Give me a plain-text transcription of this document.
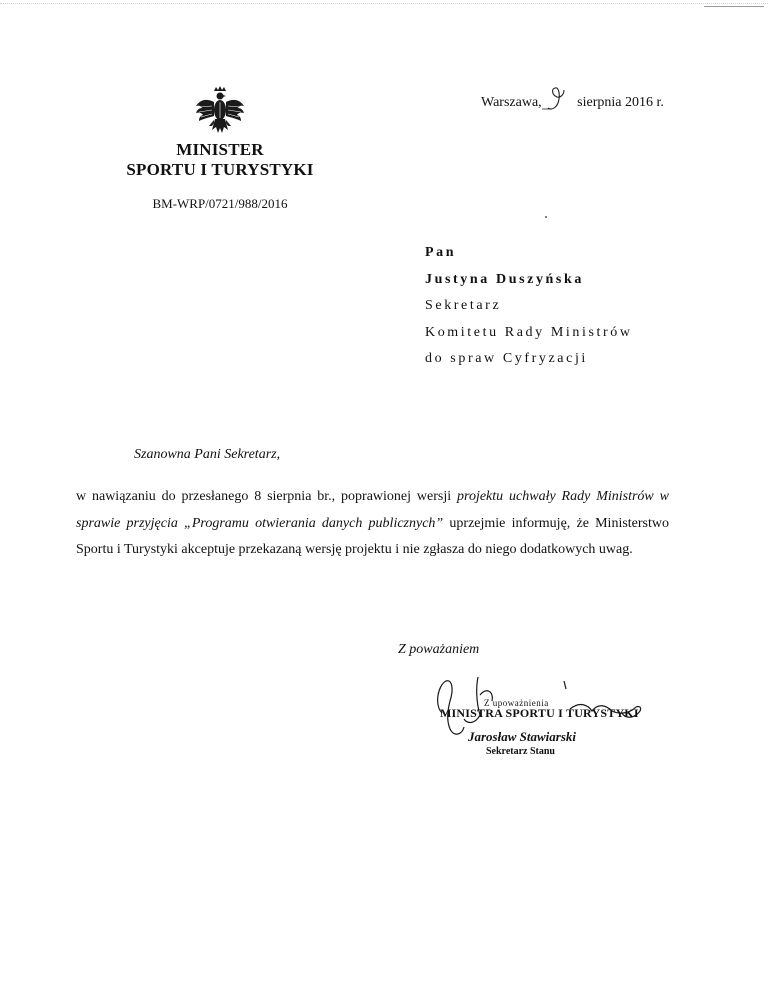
MINISTER
SPORTU I TURYSTYKI
BM-WRP/0721/988/2016
Warszawa,	sierpnia 2016 r.
Pan
Justyna Duszyńska
Sekretarz
Komitetu Rady Ministrów
do spraw Cyfryzacji
Szanowna Pani Sekretarz,
w nawiązaniu do przesłanego 8 sierpnia br., poprawionej wersji projektu uchwały Rady Ministrów w sprawie przyjęcia „Programu otwierania danych publicznych” uprzejmie informuję, że Ministerstwo Sportu i Turystyki akceptuje przekazaną wersję projektu i nie zgłasza do niego dodatkowych uwag.
Z poważaniem
Z upoważnienia
MINISTRA SPORTU I TURYSTYKI
Jarosław Stawiarski
Sekretarz Stanu
